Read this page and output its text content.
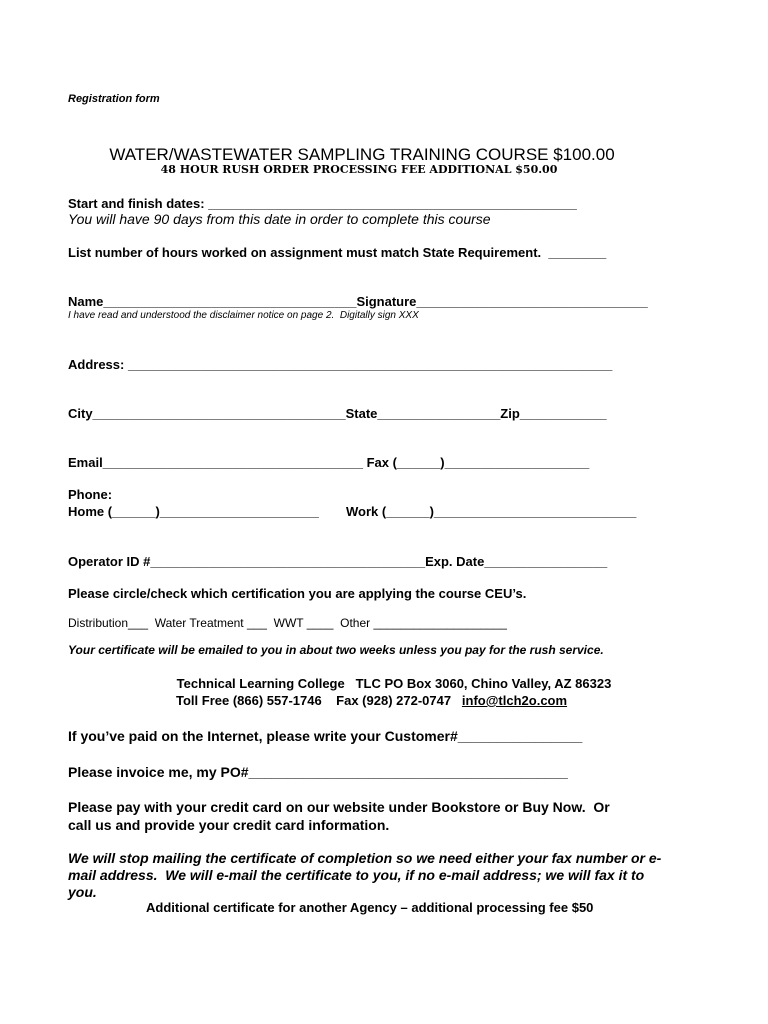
Registration form
WATER/WASTEWATER SAMPLING TRAINING COURSE $100.00
48 HOUR RUSH ORDER PROCESSING FEE ADDITIONAL $50.00
Start and finish dates: ___________________________________________________
You will have 90 days from this date in order to complete this course
List number of hours worked on assignment must match State Requirement.  ________
Name___________________________________Signature________________________________
I have read and understood the disclaimer notice on page 2.  Digitally sign XXX
Address: ___________________________________________________________________
City___________________________________State_________________Zip____________
Email____________________________________ Fax (______)____________________
Phone:
Home (______)______________________ Work (______)____________________________
Operator ID #______________________________________Exp. Date_________________
Please circle/check which certification you are applying the course CEU’s.
Distribution___  Water Treatment ___  WWT ____  Other ____________________
Your certificate will be emailed to you in about two weeks unless you pay for the rush service.
Technical Learning College   TLC PO Box 3060, Chino Valley, AZ 86323
Toll Free (866) 557-1746    Fax (928) 272-0747   info@tlch2o.com
If you’ve paid on the Internet, please write your Customer#________________
Please invoice me, my PO#_________________________________________
Please pay with your credit card on our website under Bookstore or Buy Now.  Or
call us and provide your credit card information.
We will stop mailing the certificate of completion so we need either your fax number or e-
mail address.  We will e-mail the certificate to you, if no e-mail address; we will fax it to
you.
Additional certificate for another Agency – additional processing fee $50
